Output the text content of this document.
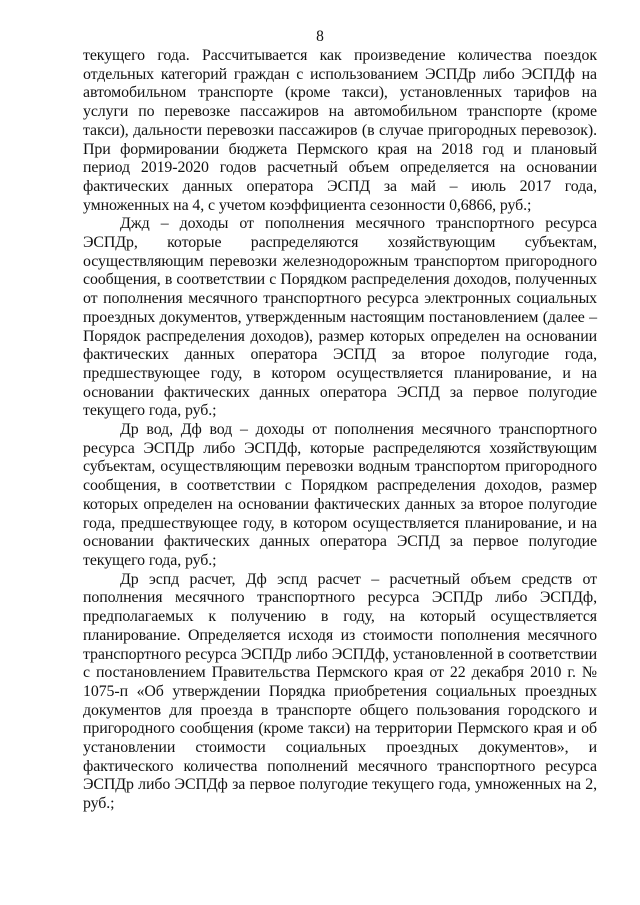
8

текущего года. Рассчитывается как произведение количества поездок отдельных категорий граждан с использованием ЭСПДр либо ЭСПДф на автомобильном транспорте (кроме такси), установленных тарифов на услуги по перевозке пассажиров на автомобильном транспорте (кроме такси), дальности перевозки пассажиров (в случае пригородных перевозок). При формировании бюджета Пермского края на 2018 год и плановый период 2019-2020 годов расчетный объем определяется на основании фактических данных оператора ЭСПД за май – июль 2017 года, умноженных на 4, с учетом коэффициента сезонности 0,6866, руб.;

Джд – доходы от пополнения месячного транспортного ресурса ЭСПДр, которые распределяются хозяйствующим субъектам, осуществляющим перевозки железнодорожным транспортом пригородного сообщения, в соответствии с Порядком распределения доходов, полученных от пополнения месячного транспортного ресурса электронных социальных проездных документов, утвержденным настоящим постановлением (далее – Порядок распределения доходов), размер которых определен на основании фактических данных оператора ЭСПД за второе полугодие года, предшествующее году, в котором осуществляется планирование, и на основании фактических данных оператора ЭСПД за первое полугодие текущего года, руб.;

Др вод, Дф вод – доходы от пополнения месячного транспортного ресурса ЭСПДр либо ЭСПДф, которые распределяются хозяйствующим субъектам, осуществляющим перевозки водным транспортом пригородного сообщения, в соответствии с Порядком распределения доходов, размер которых определен на основании фактических данных за второе полугодие года, предшествующее году, в котором осуществляется планирование, и на основании фактических данных оператора ЭСПД за первое полугодие текущего года, руб.;

Др эспд расчет, Дф эспд расчет – расчетный объем средств от пополнения месячного транспортного ресурса ЭСПДр либо ЭСПДф, предполагаемых к получению в году, на который осуществляется планирование. Определяется исходя из стоимости пополнения месячного транспортного ресурса ЭСПДр либо ЭСПДф, установленной в соответствии с постановлением Правительства Пермского края от 22 декабря 2010 г. № 1075-п «Об утверждении Порядка приобретения социальных проездных документов для проезда в транспорте общего пользования городского и пригородного сообщения (кроме такси) на территории Пермского края и об установлении стоимости социальных проездных документов», и фактического количества пополнений месячного транспортного ресурса ЭСПДр либо ЭСПДф за первое полугодие текущего года, умноженных на 2, руб.;
